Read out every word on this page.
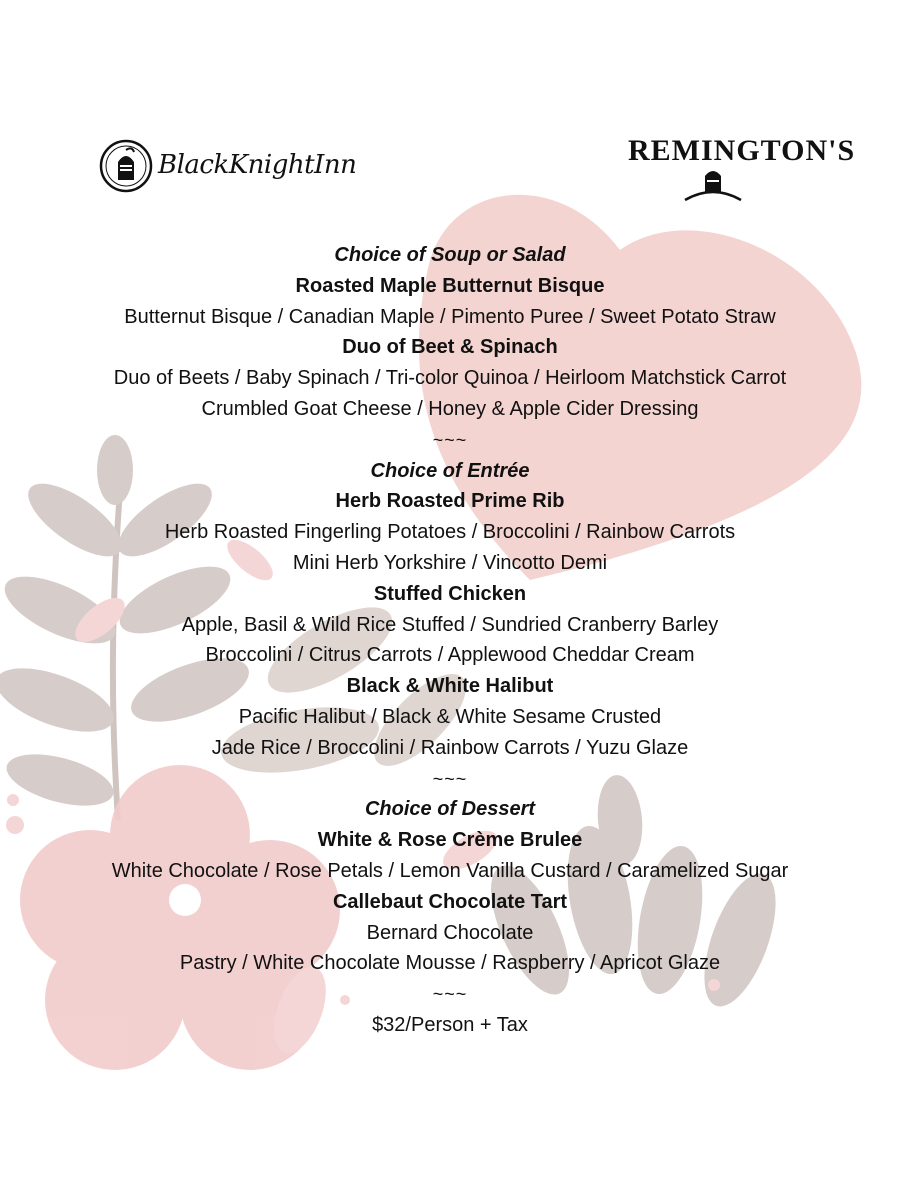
BlackKnightInn	REMINGTON'S
Choice of Soup or Salad
Roasted Maple Butternut Bisque
Butternut Bisque / Canadian Maple / Pimento Puree / Sweet Potato Straw
Duo of Beet & Spinach
Duo of Beets / Baby Spinach / Tri-color Quinoa / Heirloom Matchstick Carrot
Crumbled Goat Cheese / Honey & Apple Cider Dressing
~~~
Choice of Entrée
Herb Roasted Prime Rib
Herb Roasted Fingerling Potatoes / Broccolini / Rainbow Carrots
Mini Herb Yorkshire / Vincotto Demi
Stuffed Chicken
Apple, Basil & Wild Rice Stuffed / Sundried Cranberry Barley
Broccolini / Citrus Carrots / Applewood Cheddar Cream
Black & White Halibut
Pacific Halibut / Black & White Sesame Crusted
Jade Rice / Broccolini / Rainbow Carrots / Yuzu Glaze
~~~
Choice of Dessert
White & Rose Crème Brulee
White Chocolate / Rose Petals / Lemon Vanilla Custard / Caramelized Sugar
Callebaut Chocolate Tart
Bernard Chocolate
Pastry / White Chocolate Mousse / Raspberry / Apricot Glaze
~~~
$32/Person + Tax
